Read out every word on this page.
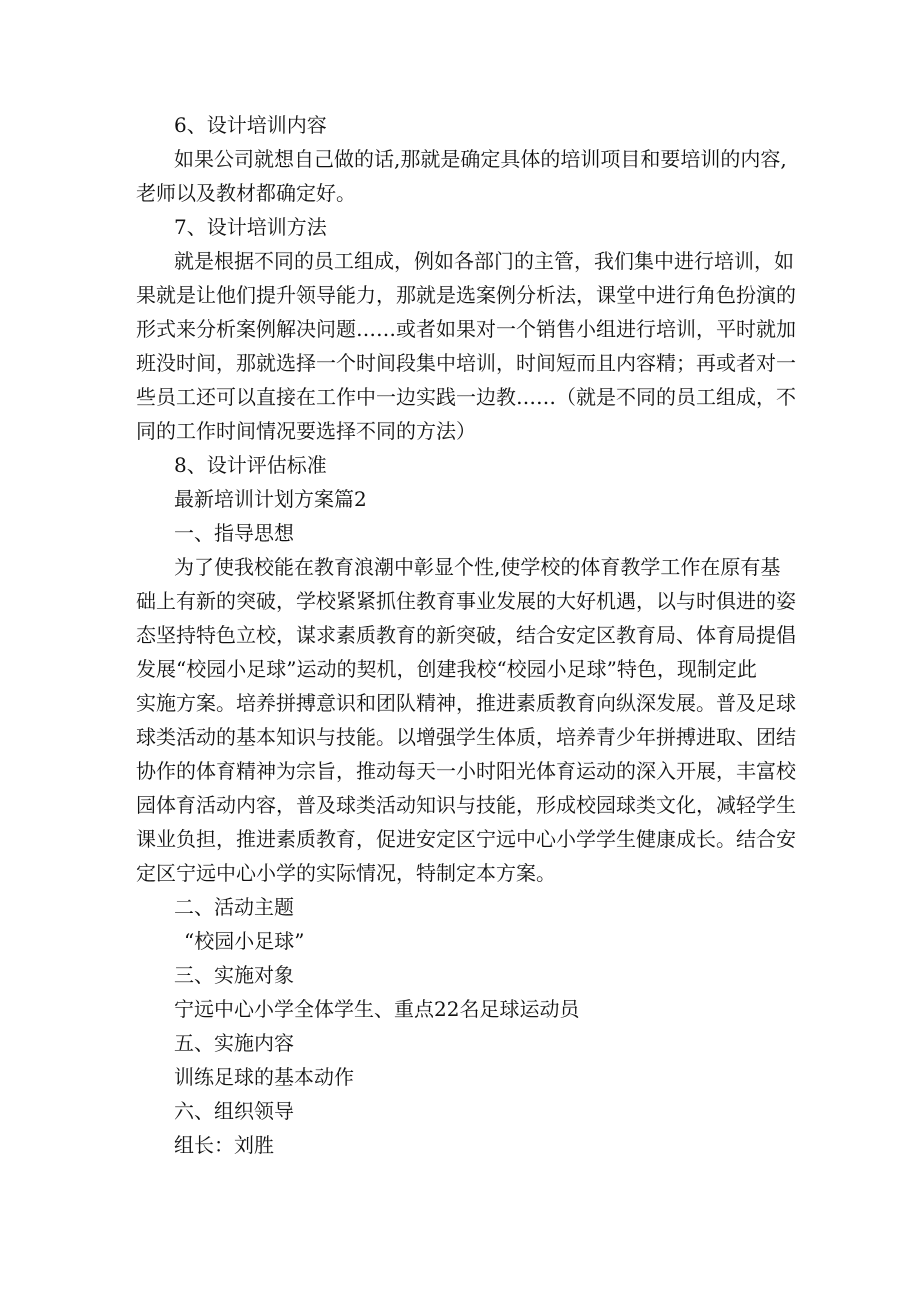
6、设计培训内容
如果公司就想自己做的话,那就是确定具体的培训项目和要培训的内容,
老师以及教材都确定好。
7、设计培训方法
就是根据不同的员工组成，例如各部门的主管，我们集中进行培训，如
果就是让他们提升领导能力，那就是选案例分析法，课堂中进行角色扮演的
形式来分析案例解决问题……或者如果对一个销售小组进行培训，平时就加
班没时间，那就选择一个时间段集中培训，时间短而且内容精；再或者对一
些员工还可以直接在工作中一边实践一边教……（就是不同的员工组成，不
同的工作时间情况要选择不同的方法）
8、设计评估标准
最新培训计划方案篇2
一、指导思想
为了使我校能在教育浪潮中彰显个性,使学校的体育教学工作在原有基
础上有新的突破，学校紧紧抓住教育事业发展的大好机遇，以与时俱进的姿
态坚持特色立校，谋求素质教育的新突破，结合安定区教育局、体育局提倡
发展“校园小足球”运动的契机，创建我校“校园小足球”特色，现制定此
实施方案。培养拼搏意识和团队精神，推进素质教育向纵深发展。普及足球
球类活动的基本知识与技能。以增强学生体质，培养青少年拼搏进取、团结
协作的体育精神为宗旨，推动每天一小时阳光体育运动的深入开展，丰富校
园体育活动内容，普及球类活动知识与技能，形成校园球类文化，减轻学生
课业负担，推进素质教育，促进安定区宁远中心小学学生健康成长。结合安
定区宁远中心小学的实际情况，特制定本方案。
二、活动主题
“校园小足球”
三、实施对象
宁远中心小学全体学生、重点22名足球运动员
五、实施内容
训练足球的基本动作
六、组织领导
组长：刘胜
